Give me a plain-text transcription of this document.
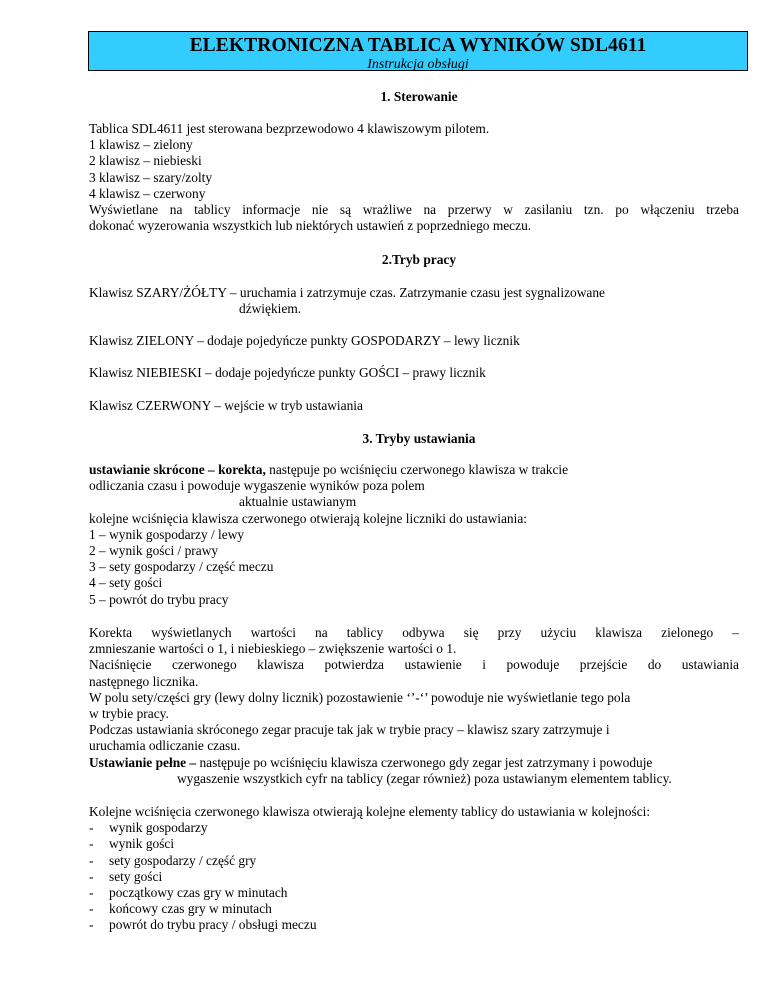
ELEKTRONICZNA TABLICA WYNIKÓW SDL4611
Instrukcja obsługi
1. Sterowanie
Tablica SDL4611 jest sterowana bezprzewodowo 4 klawiszowym pilotem.
1 klawisz – zielony
2 klawisz – niebieski
3 klawisz – szary/zolty
4 klawisz – czerwony
Wyświetlane na tablicy informacje nie są wrażliwe na przerwy w zasilaniu tzn. po włączeniu trzeba
dokonać wyzerowania wszystkich lub niektórych ustawień z poprzedniego meczu.
2.Tryb pracy
Klawisz SZARY/ŻÓŁTY – uruchamia i zatrzymuje czas. Zatrzymanie czasu jest sygnalizowane
dźwiękiem.
Klawisz ZIELONY – dodaje pojedyńcze punkty GOSPODARZY – lewy licznik
Klawisz NIEBIESKI – dodaje pojedyńcze punkty GOŚCI – prawy licznik
Klawisz CZERWONY – wejście w tryb ustawiania
3. Tryby ustawiania
ustawianie skrócone – korekta, następuje po wciśnięciu czerwonego klawisza w trakcie
odliczania czasu i powoduje wygaszenie wyników poza polem
aktualnie ustawianym
kolejne wciśnięcia klawisza czerwonego otwierają kolejne liczniki do ustawiania:
1 – wynik gospodarzy / lewy
2 – wynik gości / prawy
3 – sety gospodarzy / część meczu
4 – sety gości
5 – powrót do trybu pracy
Korekta wyświetlanych wartości na tablicy odbywa się przy użyciu klawisza zielonego –
zmnieszanie wartości o 1, i niebieskiego – zwiększenie wartości o 1.
Naciśnięcie czerwonego klawisza potwierdza ustawienie i powoduje przejście do ustawiania
następnego licznika.
W polu sety/części gry (lewy dolny licznik) pozostawienie ‘’-‘’ powoduje nie wyświetlanie tego pola
w trybie pracy.
Podczas ustawiania skróconego zegar pracuje tak jak w trybie pracy – klawisz szary zatrzymuje i
uruchamia odliczanie czasu.
Ustawianie pełne – następuje po wciśnięciu klawisza czerwonego gdy zegar jest zatrzymany i powoduje
wygaszenie wszystkich cyfr na tablicy (zegar również) poza ustawianym elementem tablicy.
Kolejne wciśnięcia czerwonego klawisza otwierają kolejne elementy tablicy do ustawiania w kolejności:
- wynik gospodarzy
- wynik gości
- sety gospodarzy / część gry
- sety gości
- początkowy czas gry w minutach
- końcowy czas gry w minutach
- powrót do trybu pracy / obsługi meczu
